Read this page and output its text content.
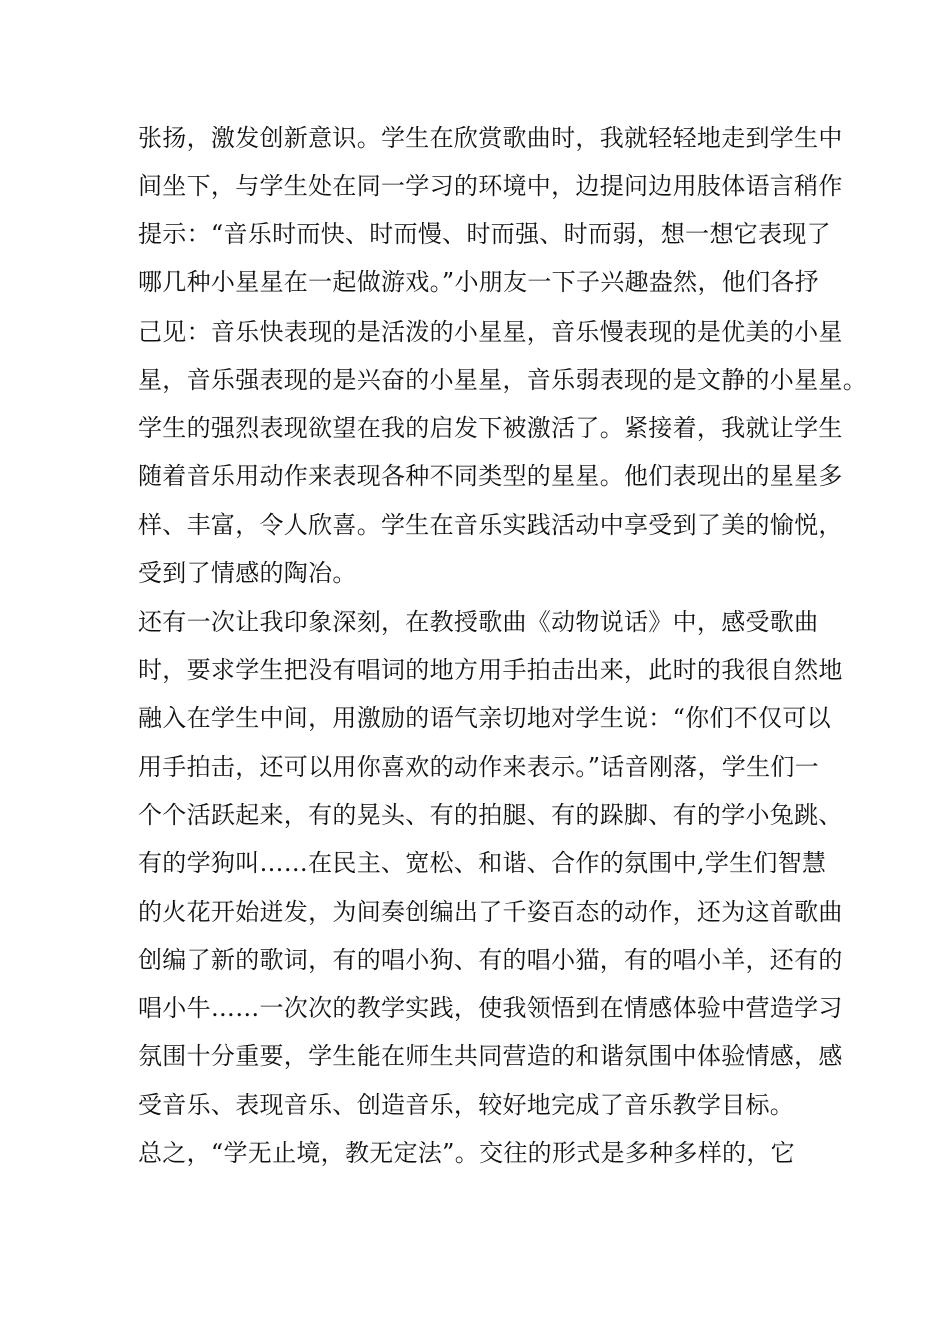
张扬，激发创新意识。学生在欣赏歌曲时，我就轻轻地走到学生中

间坐下，与学生处在同一学习的环境中，边提问边用肢体语言稍作

提示：“音乐时而快、时而慢、时而强、时而弱，想一想它表现了

哪几种小星星在一起做游戏。”小朋友一下子兴趣盎然，他们各抒

己见：音乐快表现的是活泼的小星星，音乐慢表现的是优美的小星

星，音乐强表现的是兴奋的小星星，音乐弱表现的是文静的小星星。

学生的强烈表现欲望在我的启发下被激活了。紧接着，我就让学生

随着音乐用动作来表现各种不同类型的星星。他们表现出的星星多

样、丰富，令人欣喜。学生在音乐实践活动中享受到了美的愉悦，

受到了情感的陶冶。

还有一次让我印象深刻，在教授歌曲《动物说话》中，感受歌曲

时，要求学生把没有唱词的地方用手拍击出来，此时的我很自然地

融入在学生中间，用激励的语气亲切地对学生说：“你们不仅可以

用手拍击，还可以用你喜欢的动作来表示。”话音刚落，学生们一

个个活跃起来，有的晃头、有的拍腿、有的跺脚、有的学小兔跳、

有的学狗叫……在民主、宽松、和谐、合作的氛围中,学生们智慧

的火花开始迸发，为间奏创编出了千姿百态的动作，还为这首歌曲

创编了新的歌词，有的唱小狗、有的唱小猫，有的唱小羊，还有的

唱小牛……一次次的教学实践，使我领悟到在情感体验中营造学习

氛围十分重要，学生能在师生共同营造的和谐氛围中体验情感，感

受音乐、表现音乐、创造音乐，较好地完成了音乐教学目标。

总之，“学无止境，教无定法”。交往的形式是多种多样的，它
